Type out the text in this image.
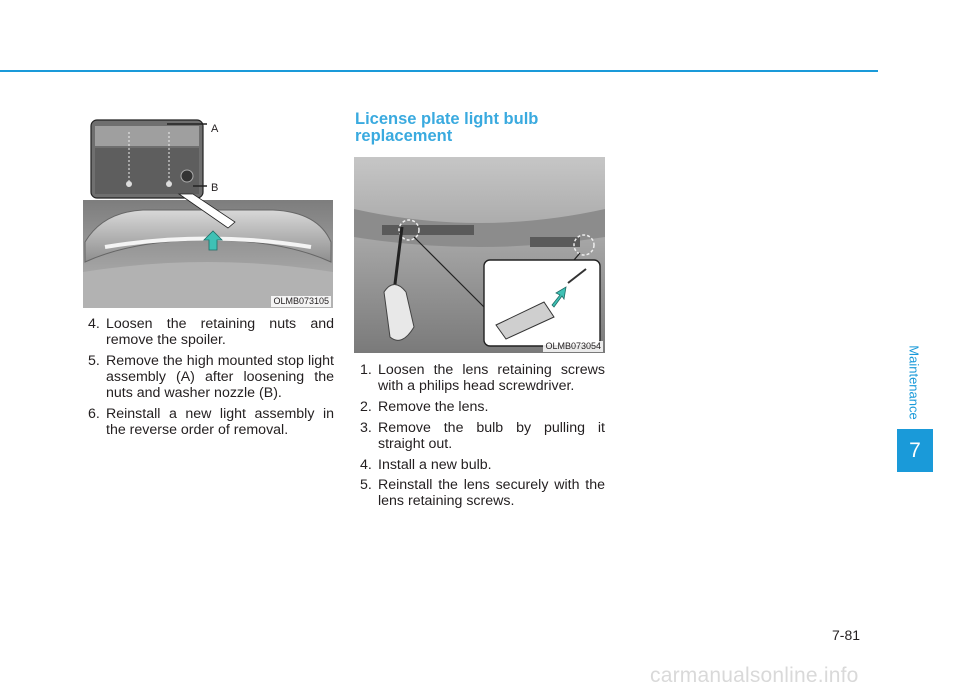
A
B
OLMB073105
4. Loosen the retaining nuts and remove the spoiler.
5. Remove the high mounted stop light assembly (A) after loosening the nuts and washer nozzle (B).
6. Reinstall a new light assembly in the reverse order of removal.
License plate light bulb
replacement
OLMB073054
1. Loosen the lens retaining screws with a philips head screwdriver.
2. Remove the lens.
3. Remove the bulb by pulling it straight out.
4. Install a new bulb.
5. Reinstall the lens securely with the lens retaining screws.
Maintenance
7
7-81
carmanualsonline.info
